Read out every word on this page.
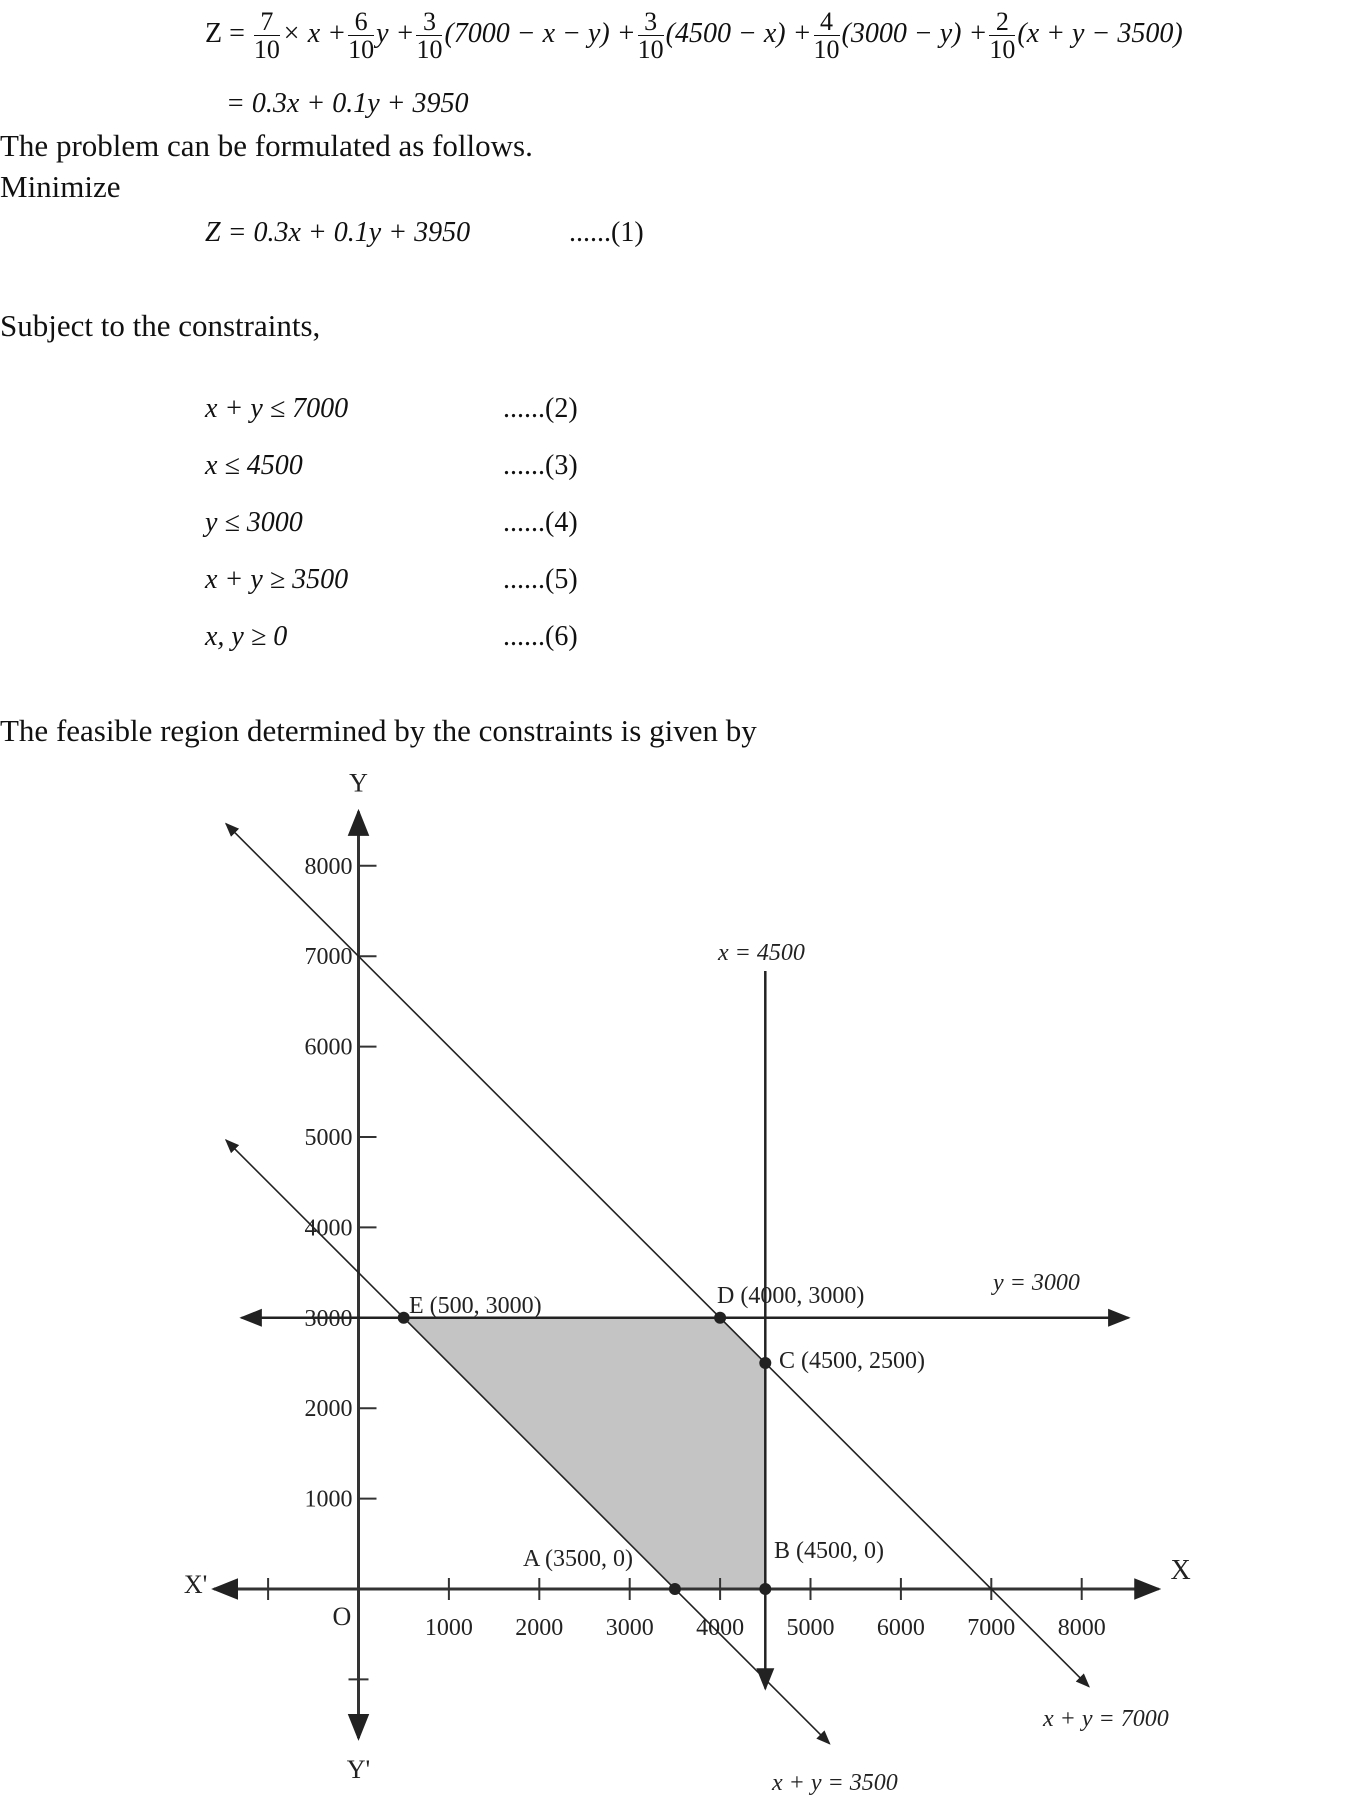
$Z = \frac{7}{10} \times x + \frac{6}{10}$ $y + \frac{3}{10} (7000 - x - y) + \frac{3}{10} (4500 - x) + \frac{4}{10} (3000 - y) + \frac{2}{10} (x + y - 3500)$
= 0.3x + 0.1y + 3950
The problem can be formulated as follows.
Minimize
Z = 0.3x + 0.1y + 3950	......(1)
Subject to the constraints,
x + y ≤ 7000	......(2)
x ≤ 4500	......(3)
y ≤ 3000	......(4)
x + y ≥ 3500	......(5)
x, y ≥ 0	......(6)
The feasible region determined by the constraints is given by
1000 2000 3000 4000 5000 6000 7000 8000
1000
2000
3000
4000
5000
6000
7000
8000
Y
Y'
X'	X
O
x + y = 7000
x + y = 3500
y = 3000
x = 4500
A (3500, 0)	B (4500, 0)
C (4500, 2500)
D (4000, 3000)
E (500, 3000)
